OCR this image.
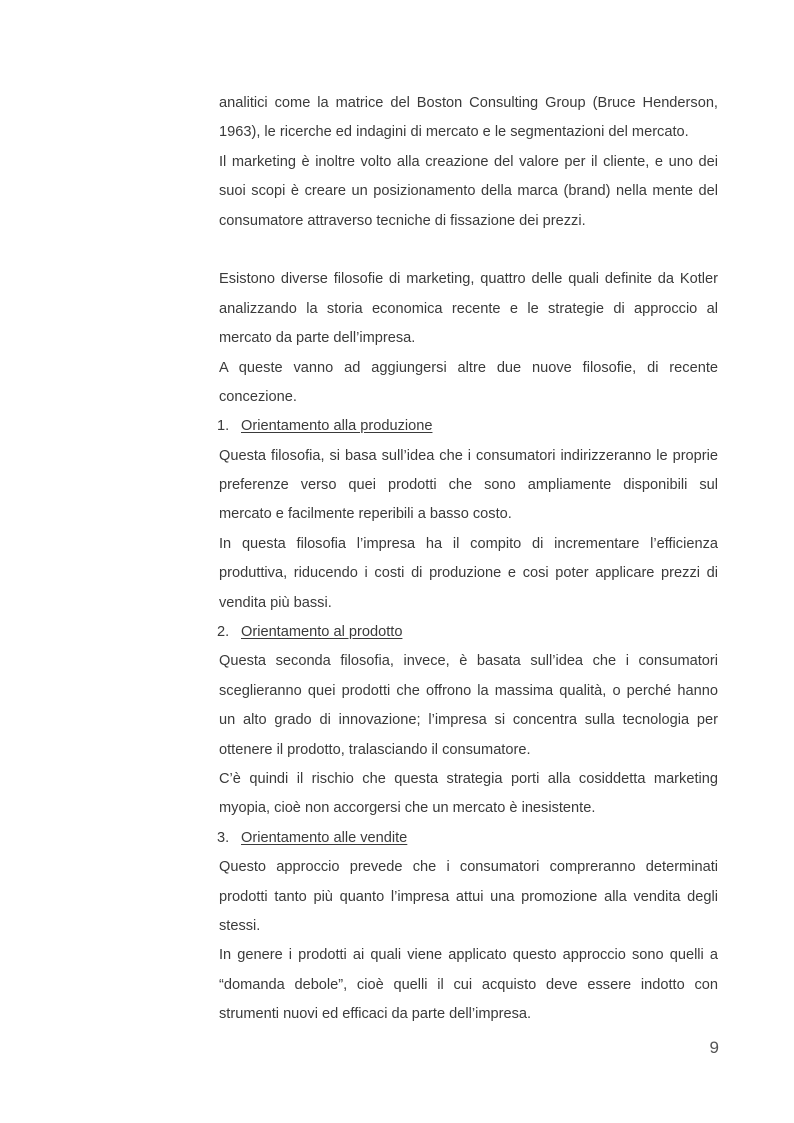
analitici come la matrice del Boston Consulting Group (Bruce Henderson,
1963), le ricerche ed indagini di mercato e le segmentazioni del mercato.
Il marketing è inoltre volto alla creazione del valore per il cliente, e uno dei
suoi scopi è creare un posizionamento della marca (brand) nella mente del
consumatore attraverso tecniche di fissazione dei prezzi.
Esistono diverse filosofie di marketing, quattro delle quali definite da Kotler
analizzando la storia economica recente e le strategie di approccio al
mercato da parte dell’impresa.
A queste vanno ad aggiungersi altre due nuove filosofie, di recente
concezione.
1. Orientamento alla produzione
Questa filosofia, si basa sull’idea che i consumatori indirizzeranno le proprie
preferenze verso quei prodotti che sono ampliamente disponibili sul
mercato e facilmente reperibili a basso costo.
In questa filosofia l’impresa ha il compito di incrementare l’efficienza
produttiva, riducendo i costi di produzione e cosi poter applicare prezzi di
vendita più bassi.
2. Orientamento al prodotto
Questa seconda filosofia, invece, è basata sull’idea che i consumatori
sceglieranno quei prodotti che offrono la massima qualità, o perché hanno
un alto grado di innovazione; l’impresa si concentra sulla tecnologia per
ottenere il prodotto, tralasciando il consumatore.
C’è quindi il rischio che questa strategia porti alla cosiddetta marketing
myopia, cioè non accorgersi che un mercato è inesistente.
3. Orientamento alle vendite
Questo approccio prevede che i consumatori compreranno determinati
prodotti tanto più quanto l’impresa attui una promozione alla vendita degli
stessi.
In genere i prodotti ai quali viene applicato questo approccio sono quelli a
“domanda debole”, cioè quelli il cui acquisto deve essere indotto con
strumenti nuovi ed efficaci da parte dell’impresa.
9
